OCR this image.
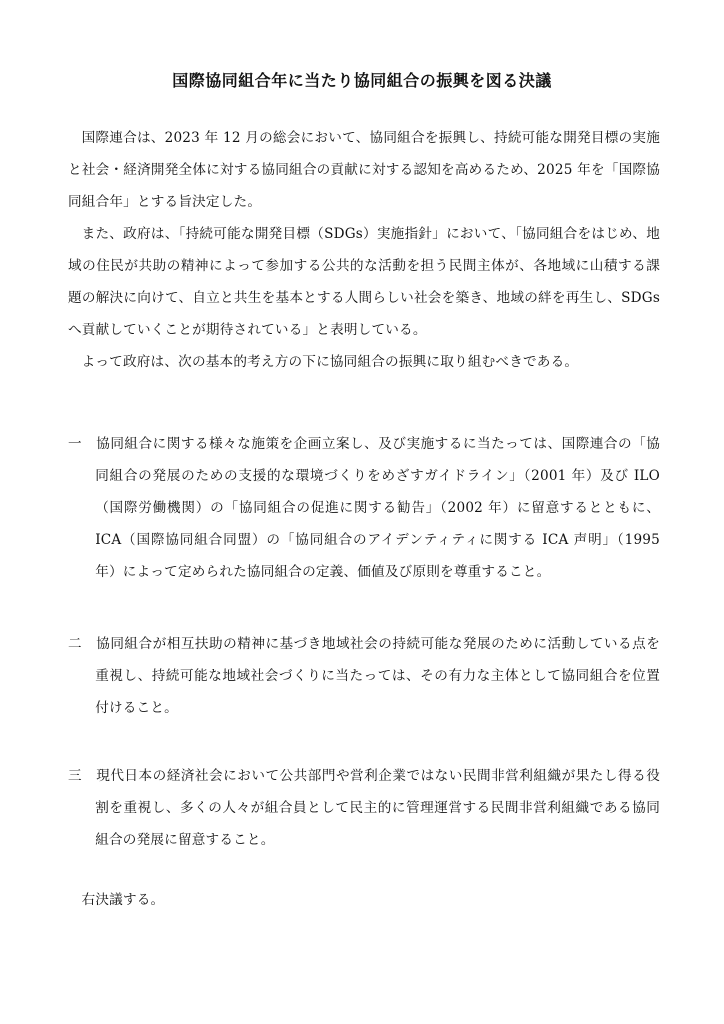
国際協同組合年に当たり協同組合の振興を図る決議

国際連合は、2023 年 12 月の総会において、協同組合を振興し、持続可能な開発目標の実施と社会・経済開発全体に対する協同組合の貢献に対する認知を高めるため、2025 年を「国際協同組合年」とする旨決定した。

また、政府は、「持続可能な開発目標（SDGs）実施指針」において、「協同組合をはじめ、地域の住民が共助の精神によって参加する公共的な活動を担う民間主体が、各地域に山積する課題の解決に向けて、自立と共生を基本とする人間らしい社会を築き、地域の絆を再生し、SDGs へ貢献していくことが期待されている」と表明している。

よって政府は、次の基本的考え方の下に協同組合の振興に取り組むべきである。

一　 協同組合に関する様々な施策を企画立案し、及び実施するに当たっては、国際連合の「協同組合の発展のための支援的な環境づくりをめざすガイドライン」（2001 年）及び ILO（国際労働機関）の「協同組合の促進に関する勧告」（2002 年）に留意するとともに、ICA（国際協同組合同盟）の「協同組合のアイデンティティに関する ICA 声明」（1995 年）によって定められた協同組合の定義、価値及び原則を尊重すること。

二　 協同組合が相互扶助の精神に基づき地域社会の持続可能な発展のために活動している点を重視し、持続可能な地域社会づくりに当たっては、その有力な主体として協同組合を位置付けること。

三　 現代日本の経済社会において公共部門や営利企業ではない民間非営利組織が果たし得る役割を重視し、多くの人々が組合員として民主的に管理運営する民間非営利組織である協同組合の発展に留意すること。

右決議する。
